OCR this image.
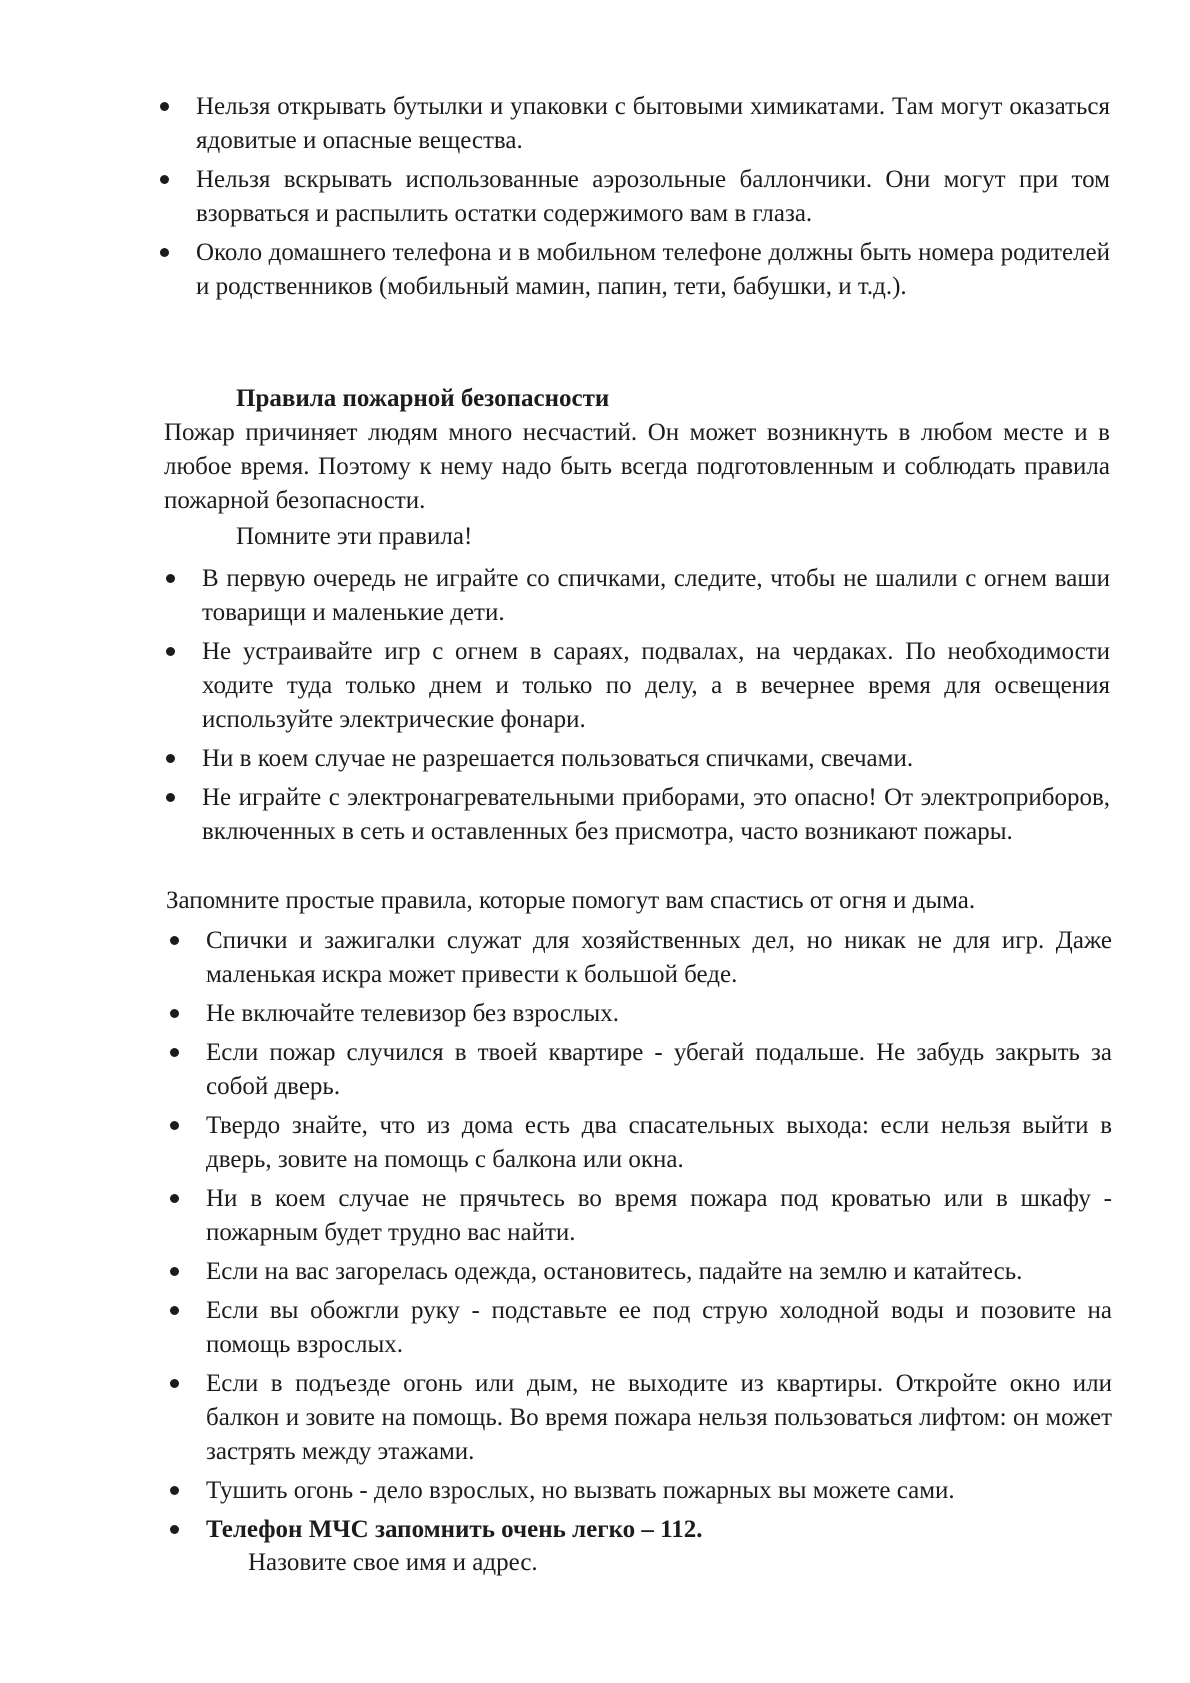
Нельзя открывать бутылки и упаковки с бытовыми химикатами. Там могут оказаться ядовитые и опасные вещества.
Нельзя вскрывать использованные аэрозольные баллончики. Они могут при том взорваться и распылить остатки содержимого вам в глаза.
Около домашнего телефона и в мобильном телефоне должны быть номера родителей и родственников (мобильный мамин, папин, тети, бабушки, и т.д.).
Правила пожарной безопасности

Пожар причиняет людям много несчастий. Он может возникнуть в любом месте и в любое время. Поэтому к нему надо быть всегда подготовленным и соблюдать правила пожарной безопасности.

Помните эти правила!

В первую очередь не играйте со спичками, следите, чтобы не шалили с огнем ваши товарищи и маленькие дети.
Не устраивайте игр с огнем в сараях, подвалах, на чердаках. По необходимости ходите туда только днем и только по делу, а в вечернее время для освещения используйте электрические фонари.
Ни в коем случае не разрешается пользоваться спичками, свечами.
Не играйте с электронагревательными приборами, это опасно! От электроприборов, включенных в сеть и оставленных без присмотра, часто возникают пожары.

Запомните простые правила, которые помогут вам спастись от огня и дыма.

Спички и зажигалки служат для хозяйственных дел, но никак не для игр. Даже маленькая искра может привести к большой беде.
Не включайте телевизор без взрослых.
Если пожар случился в твоей квартире - убегай подальше. Не забудь закрыть за собой дверь.
Твердо знайте, что из дома есть два спасательных выхода: если нельзя выйти в дверь, зовите на помощь с балкона или окна.
Ни в коем случае не прячьтесь во время пожара под кроватью или в шкафу - пожарным будет трудно вас найти.
Если на вас загорелась одежда, остановитесь, падайте на землю и катайтесь.
Если вы обожгли руку - подставьте ее под струю холодной воды и позовите на помощь взрослых.
Если в подъезде огонь или дым, не выходите из квартиры. Откройте окно или балкон и зовите на помощь. Во время пожара нельзя пользоваться лифтом: он может застрять между этажами.
Тушить огонь - дело взрослых, но вызвать пожарных вы можете сами.
Телефон МЧС запомнить очень легко – 112.

Назовите свое имя и адрес.
